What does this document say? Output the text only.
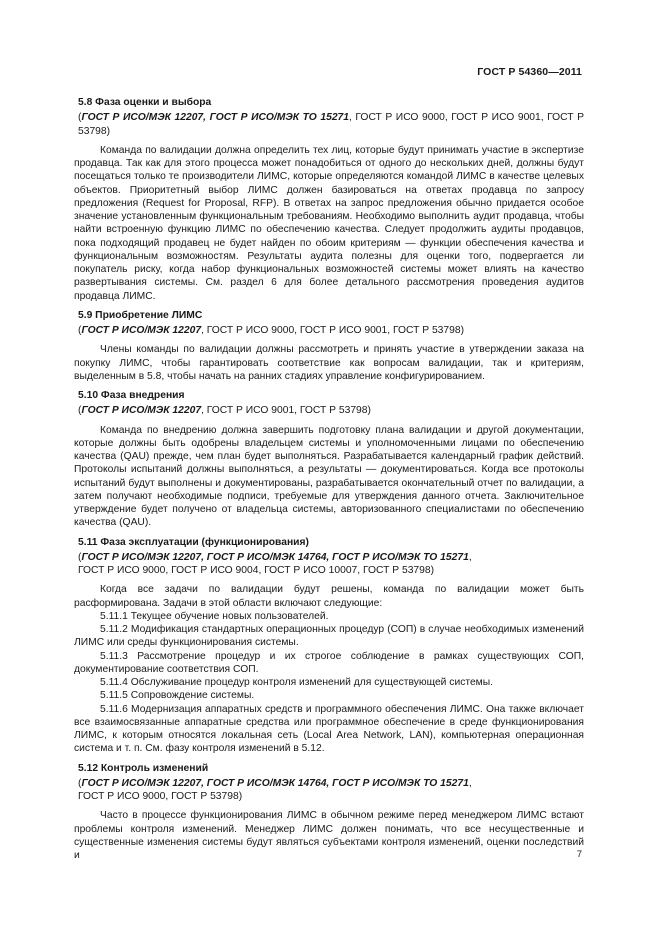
ГОСТ Р 54360—2011

5.8 Фаза оценки и выбора

(ГОСТ Р ИСО/МЭК 12207, ГОСТ Р ИСО/МЭК ТО 15271, ГОСТ Р ИСО 9000, ГОСТ Р ИСО 9001, ГОСТ Р 53798)

Команда по валидации должна определить тех лиц, которые будут принимать участие в экспертизе продавца. Так как для этого процесса может понадобиться от одного до нескольких дней, должны будут посещаться только те производители ЛИМС, которые определяются командой ЛИМС в качестве целевых объектов. Приоритетный выбор ЛИМС должен базироваться на ответах продавца по запросу предложения (Request for Proposal, RFP). В ответах на запрос предложения обычно придается особое значение установленным функциональным требованиям. Необходимо выполнить аудит продавца, чтобы найти встроенную функцию ЛИМС по обеспечению качества. Следует продолжить аудиты продавцов, пока подходящий продавец не будет найден по обоим критериям — функции обеспечения качества и функциональным возможностям. Результаты аудита полезны для оценки того, подвергается ли покупатель риску, когда набор функциональных возможностей системы может влиять на качество развертывания системы. См. раздел 6 для более детального рассмотрения проведения аудитов продавца ЛИМС.

5.9 Приобретение ЛИМС

(ГОСТ Р ИСО/МЭК 12207, ГОСТ Р ИСО 9000, ГОСТ Р ИСО 9001, ГОСТ Р 53798)

Члены команды по валидации должны рассмотреть и принять участие в утверждении заказа на покупку ЛИМС, чтобы гарантировать соответствие как вопросам валидации, так и критериям, выделенным в 5.8, чтобы начать на ранних стадиях управление конфигурированием.

5.10 Фаза внедрения

(ГОСТ Р ИСО/МЭК 12207, ГОСТ Р ИСО 9001, ГОСТ Р 53798)

Команда по внедрению должна завершить подготовку плана валидации и другой документации, которые должны быть одобрены владельцем системы и уполномоченными лицами по обеспечению качества (QAU) прежде, чем план будет выполняться. Разрабатывается календарный график действий. Протоколы испытаний должны выполняться, а результаты — документироваться. Когда все протоколы испытаний будут выполнены и документированы, разрабатывается окончательный отчет по валидации, а затем получают необходимые подписи, требуемые для утверждения данного отчета. Заключительное утверждение будет получено от владельца системы, авторизованного специалистами по обеспечению качества (QAU).

5.11 Фаза эксплуатации (функционирования)

(ГОСТ Р ИСО/МЭК 12207, ГОСТ Р ИСО/МЭК 14764, ГОСТ Р ИСО/МЭК ТО 15271,
ГОСТ Р ИСО 9000, ГОСТ Р ИСО 9004, ГОСТ Р ИСО 10007, ГОСТ Р 53798)

Когда все задачи по валидации будут решены, команда по валидации может быть расформирована. Задачи в этой области включают следующие:

5.11.1 Текущее обучение новых пользователей.

5.11.2 Модификация стандартных операционных процедур (СОП) в случае необходимых изменений ЛИМС или среды функционирования системы.

5.11.3 Рассмотрение процедур и их строгое соблюдение в рамках существующих СОП, документирование соответствия СОП.

5.11.4 Обслуживание процедур контроля изменений для существующей системы.

5.11.5 Сопровождение системы.

5.11.6 Модернизация аппаратных средств и программного обеспечения ЛИМС. Она также включает все взаимосвязанные аппаратные средства или программное обеспечение в среде функционирования ЛИМС, к которым относятся локальная сеть (Local Area Network, LAN), компьютерная операционная система и т. п. См. фазу контроля изменений в 5.12.

5.12 Контроль изменений

(ГОСТ Р ИСО/МЭК 12207, ГОСТ Р ИСО/МЭК 14764, ГОСТ Р ИСО/МЭК ТО 15271,
ГОСТ Р ИСО 9000, ГОСТ Р 53798)

Часто в процессе функционирования ЛИМС в обычном режиме перед менеджером ЛИМС встают проблемы контроля изменений. Менеджер ЛИМС должен понимать, что все несущественные и существенные изменения системы будут являться субъектами контроля изменений, оценки последствий и	7
